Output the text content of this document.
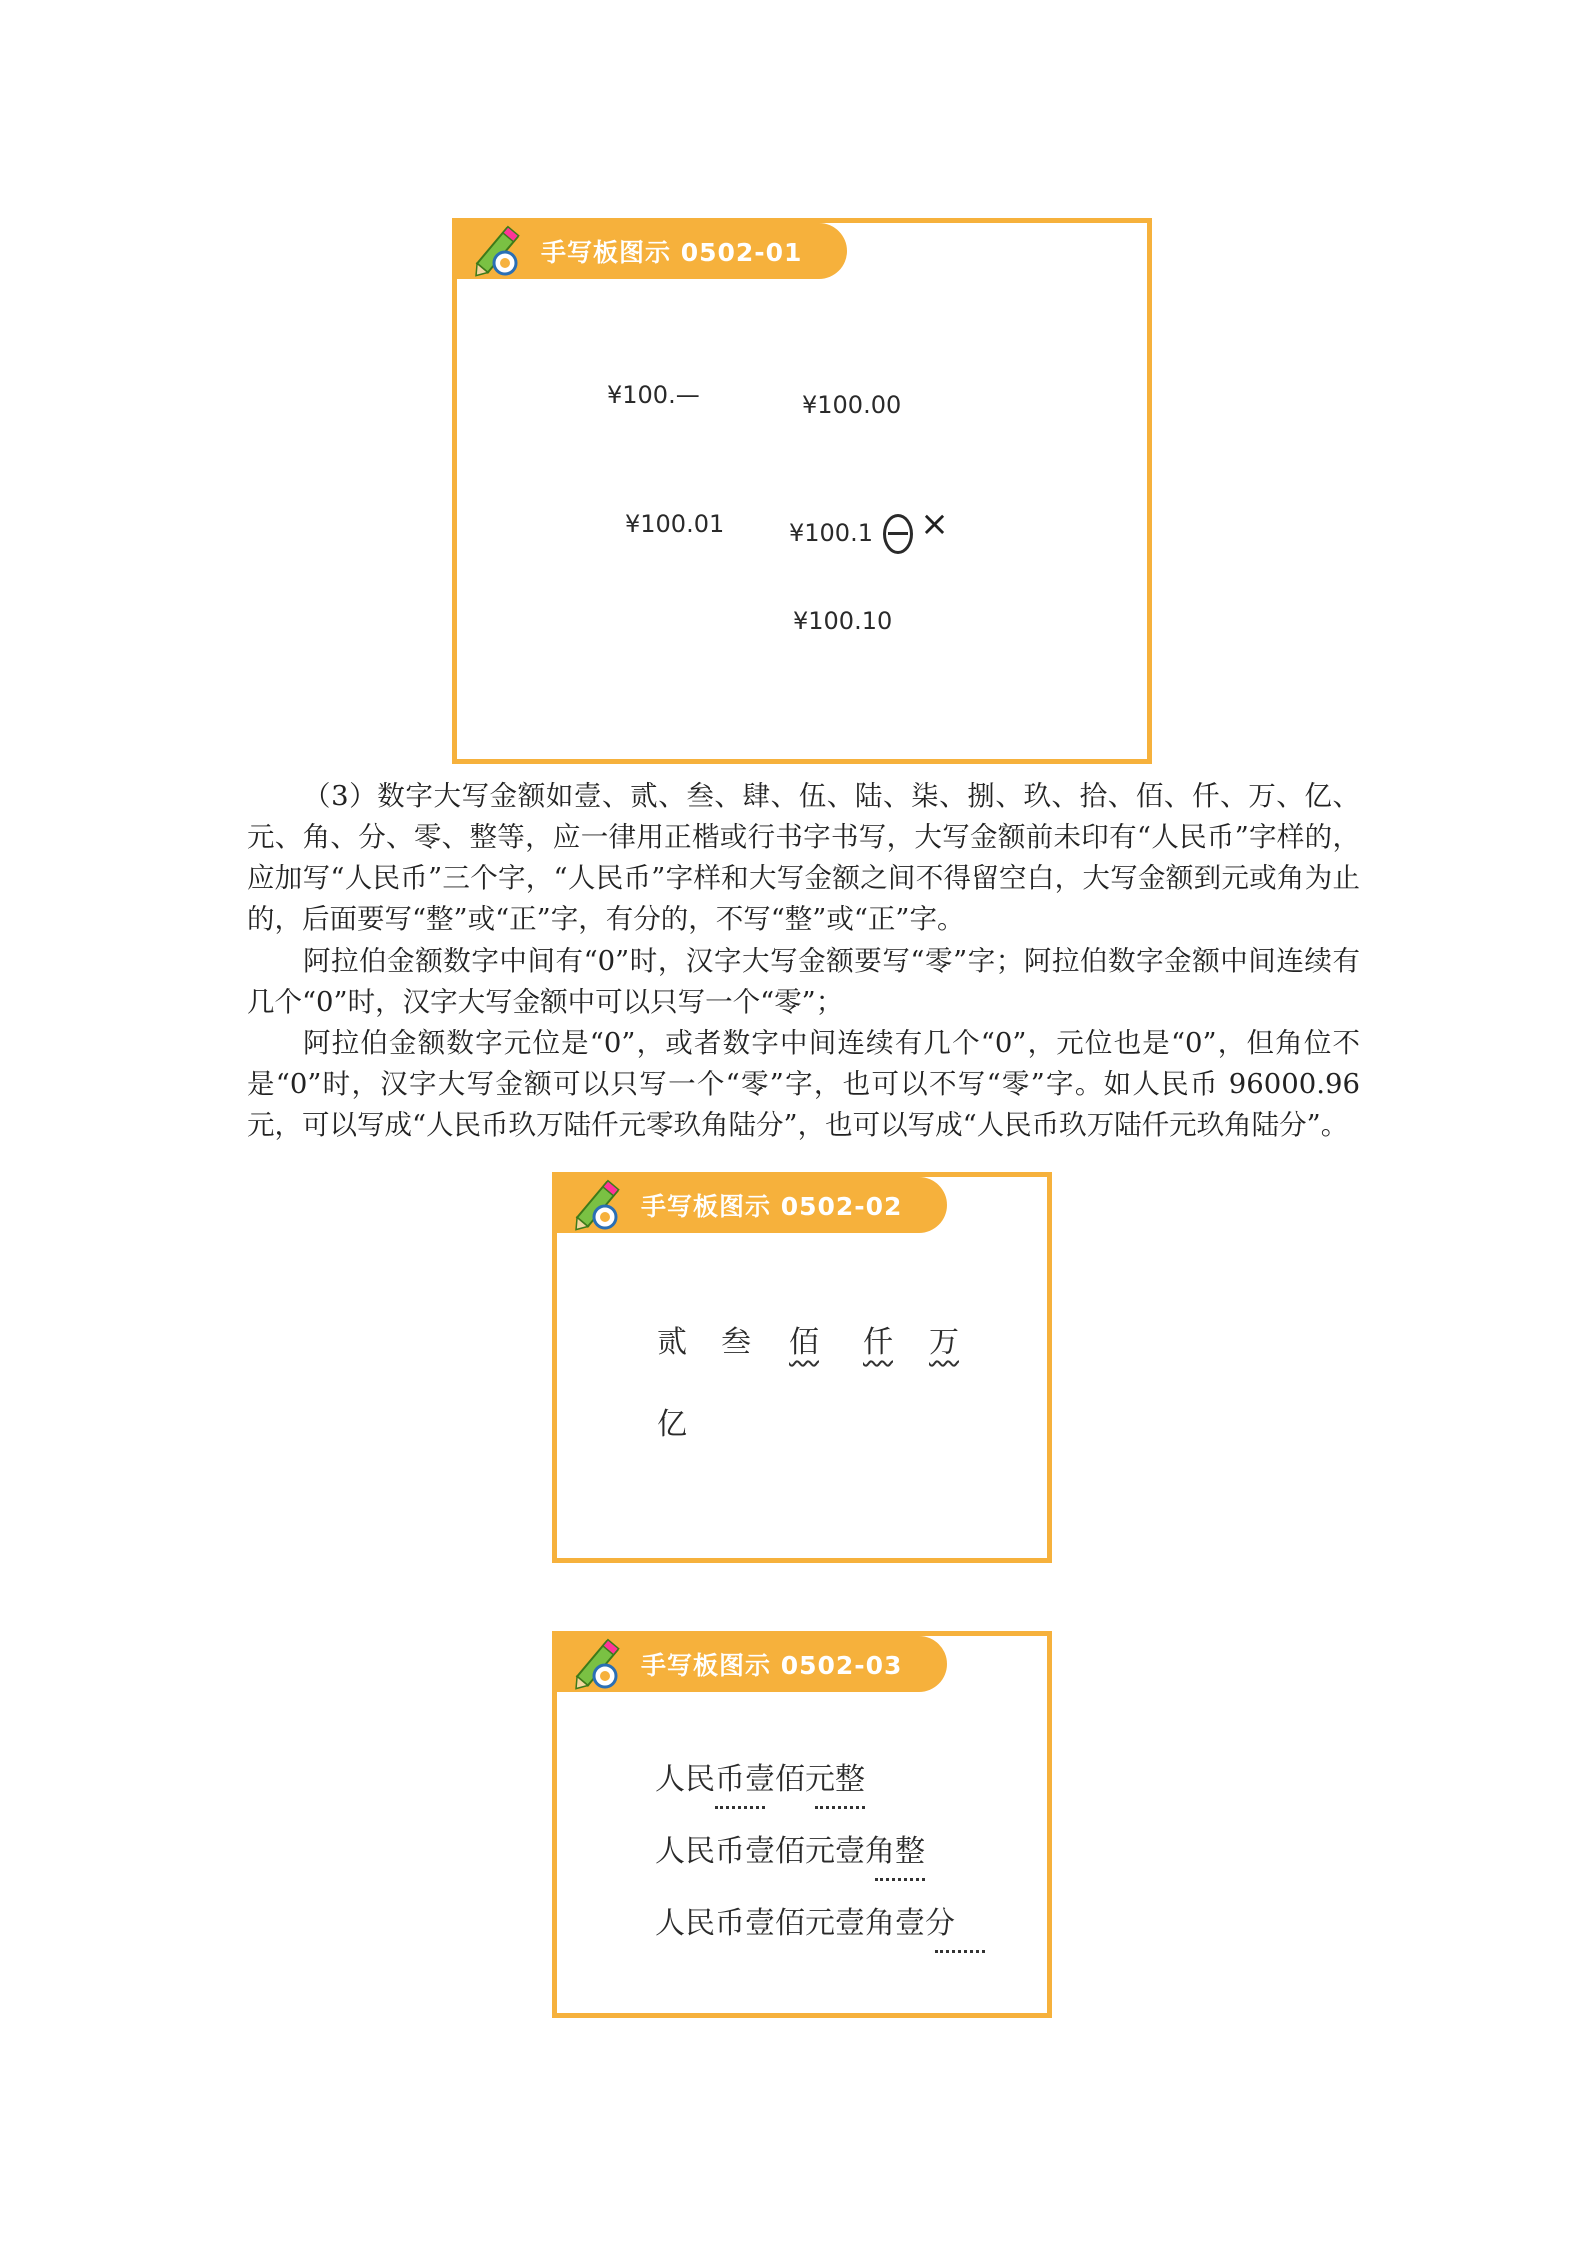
手写板图示 0502-01
¥100.—	¥100.00
¥100.01	¥100.1 ×
¥100.10

（3）数字大写金额如壹、贰、叁、肆、伍、陆、柒、捌、玖、拾、佰、仟、万、亿、元、角、分、零、整等，应一律用正楷或行书字书写，大写金额前未印有“人民币”字样的，应加写“人民币”三个字，“人民币”字样和大写金额之间不得留空白，大写金额到元或角为止的，后面要写“整”或“正”字，有分的，不写“整”或“正”字。

阿拉伯金额数字中间有“0”时，汉字大写金额要写“零”字；阿拉伯数字金额中间连续有几个“0”时，汉字大写金额中可以只写一个“零”；

阿拉伯金额数字元位是“0”，或者数字中间连续有几个“0”，元位也是“0”，但角位不是“0”时，汉字大写金额可以只写一个“零”字，也可以不写“零”字。如人民币 96000.96 元，可以写成“人民币玖万陆仟元零玖角陆分”，也可以写成“人民币玖万陆仟元玖角陆分”。

手写板图示 0502-02
贰 叁 佰 仟 万
亿
手写板图示 0502-03
人民币壹佰元整
人民币壹佰元壹角整
人民币壹佰元壹角壹分
